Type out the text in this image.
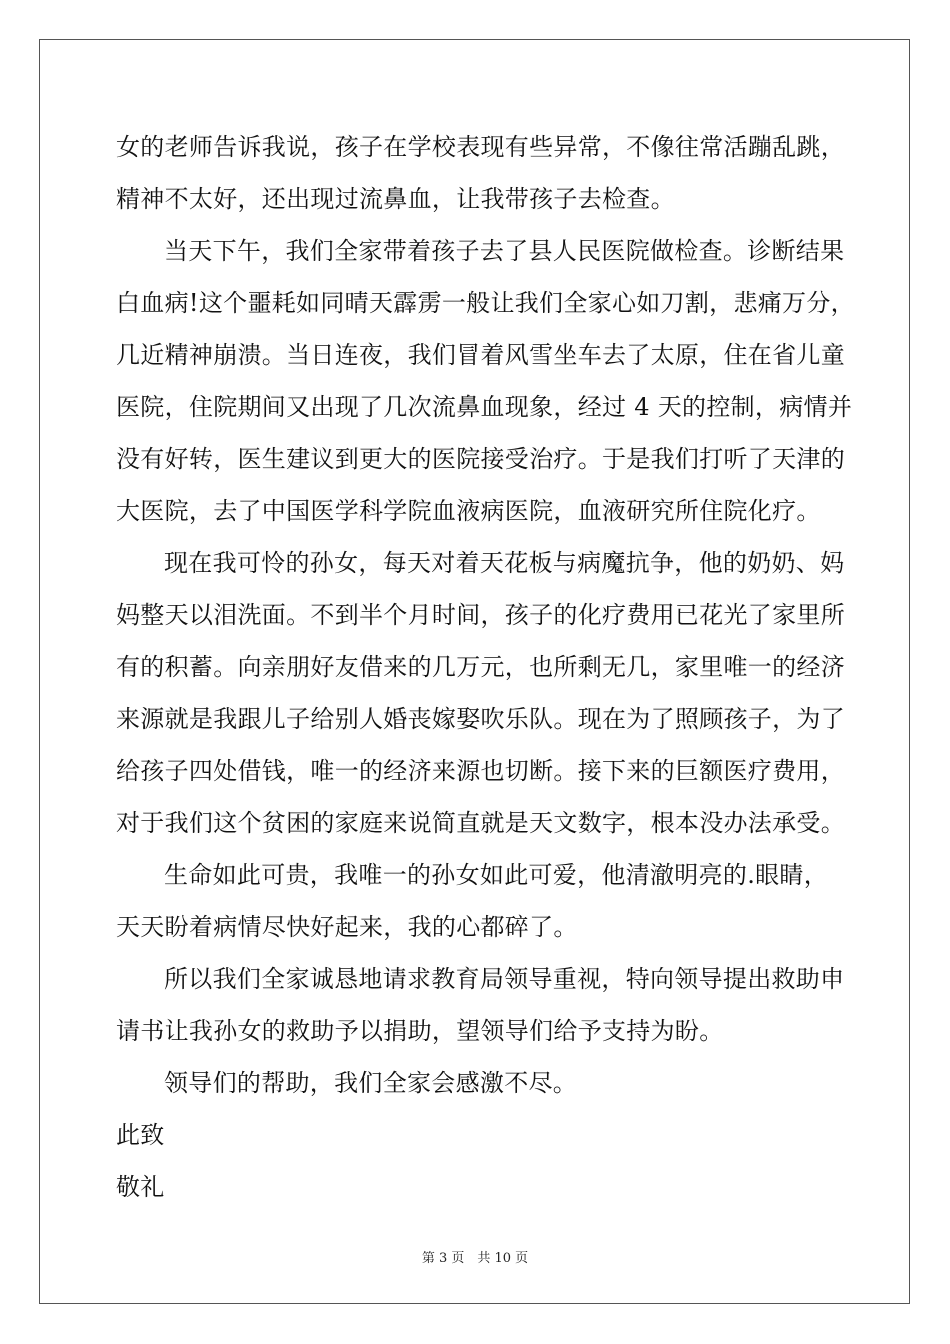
女的老师告诉我说，孩子在学校表现有些异常，不像往常活蹦乱跳，
精神不太好，还出现过流鼻血，让我带孩子去检查。
当天下午，我们全家带着孩子去了县人民医院做检查。诊断结果
白血病!这个噩耗如同晴天霹雳一般让我们全家心如刀割，悲痛万分，
几近精神崩溃。当日连夜，我们冒着风雪坐车去了太原，住在省儿童
医院，住院期间又出现了几次流鼻血现象，经过 4 天的控制，病情并
没有好转，医生建议到更大的医院接受治疗。于是我们打听了天津的
大医院，去了中国医学科学院血液病医院，血液研究所住院化疗。
现在我可怜的孙女，每天对着天花板与病魔抗争，他的奶奶、妈
妈整天以泪洗面。不到半个月时间，孩子的化疗费用已花光了家里所
有的积蓄。向亲朋好友借来的几万元，也所剩无几，家里唯一的经济
来源就是我跟儿子给别人婚丧嫁娶吹乐队。现在为了照顾孩子，为了
给孩子四处借钱，唯一的经济来源也切断。接下来的巨额医疗费用，
对于我们这个贫困的家庭来说简直就是天文数字，根本没办法承受。
生命如此可贵，我唯一的孙女如此可爱，他清澈明亮的.眼睛，
天天盼着病情尽快好起来，我的心都碎了。
所以我们全家诚恳地请求教育局领导重视，特向领导提出救助申
请书让我孙女的救助予以捐助，望领导们给予支持为盼。
领导们的帮助，我们全家会感激不尽。
此致
敬礼
第 3 页　共 10 页
